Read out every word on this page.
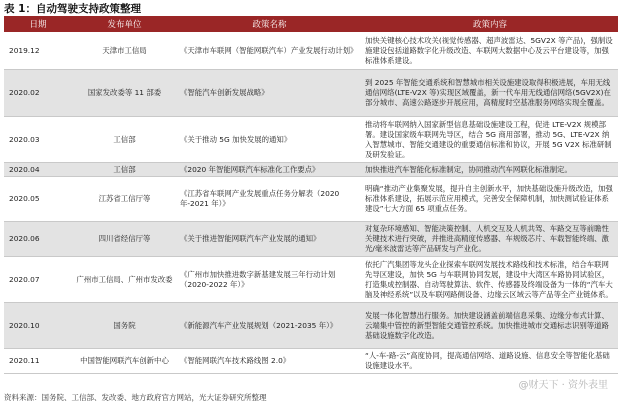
表 1：自动驾驶支持政策整理
日期	发布单位	政策名称	政策内容
2019.12	天津市工信局	《天津市车联网（智能网联汽车）产业发展行动计划》	加快关键核心技术攻关(视觉传感器、超声波雷达、5GV2X 等产品)，强制设施建设包括道路数字化升级改造、车联网大数据中心及云平台建设等，加强标准体系建设。
2020.02	国家发改委等 11 部委	《智能汽车创新发展战略》	到 2025 年智能交通系统和智慧城市相关设施建设取得积极进展，车用无线通信网络(LTE-V2X 等)实现区域覆盖，新一代车用无线通信网络(5GV2X)在部分城市、高速公路逐步开展应用，高精度时空基准服务网络实现全覆盖。
2020.03	工信部	《关于推动 5G 加快发展的通知》	推动将车联网纳入国家新型信息基础设施建设工程，促进 LTE-V2X 规模部署。建设国家级车联网先导区，结合 5G 商用部署，推动 5G、LTE-V2X 纳入智慧城市、智能交通建设的重要通信标准和协议，开展 5G V2X 标准研制及研发验证。
2020.04	工信部	《2020 年智能网联汽车标准化工作要点》	加快推进汽车智能化标准制定，协同推动汽车网联化标准制定。
2020.05	江苏省工信厅等	《江苏省车联网产业发展重点任务分解表（2020 年-2021 年）》	明确“推动产业集聚发展，提升自主创新水平，加快基础设施升级改造，加强标准体系建设，拓展示范应用模式，完善安全保障机制，加快测试验证体系建设”七大方面 65 项重点任务。
2020.06	四川省经信厅等	《关于推进智能网联汽车产业发展的通知》	对复杂环境感知、智能决策控制、人机交互及人机共驾、车路交互等前瞻性关键技术进行突破，并推进高精度传感器、车规级芯片、车载智能终端、激光/毫米波雷达等产品研发与产业化。
2020.07	广州市工信局、广州市发改委	《广州市加快推进数字新基建发展三年行动计划（2020-2022 年）》	依托广汽集团等龙头企业探索车联网发展技术路线和技术标准，结合车联网先导区建设，加快 5G 与车联网协同发展，建设中大湾区车路协同试验区，打造集成控制器、自动驾驶算法、软件、传感器及终端设备为一体的“汽车大脑及神经系统”以及车联网路侧设备、边缘云区域云等产品等全产业链体系。
2020.10	国务院	《新能源汽车产业发展规划（2021-2035 年）》	发展一体化智慧出行服务。加快建设涵盖前端信息采集、边缘分布式计算、云端集中管控的新型智能交通管控系统。加快推进城市交通标志识别等道路基础设施数字化改造。
2020.11	中国智能网联汽车创新中心	《智能网联汽车技术路线图 2.0》	“人-车-路-云”高度协同，提高通信网络、道路设施、信息安全等智能化基础设施建设水平。
资料来源：国务院、工信部、发改委、地方政府官方网站，光大证券研究所整理
@财天下 · 资外表里
